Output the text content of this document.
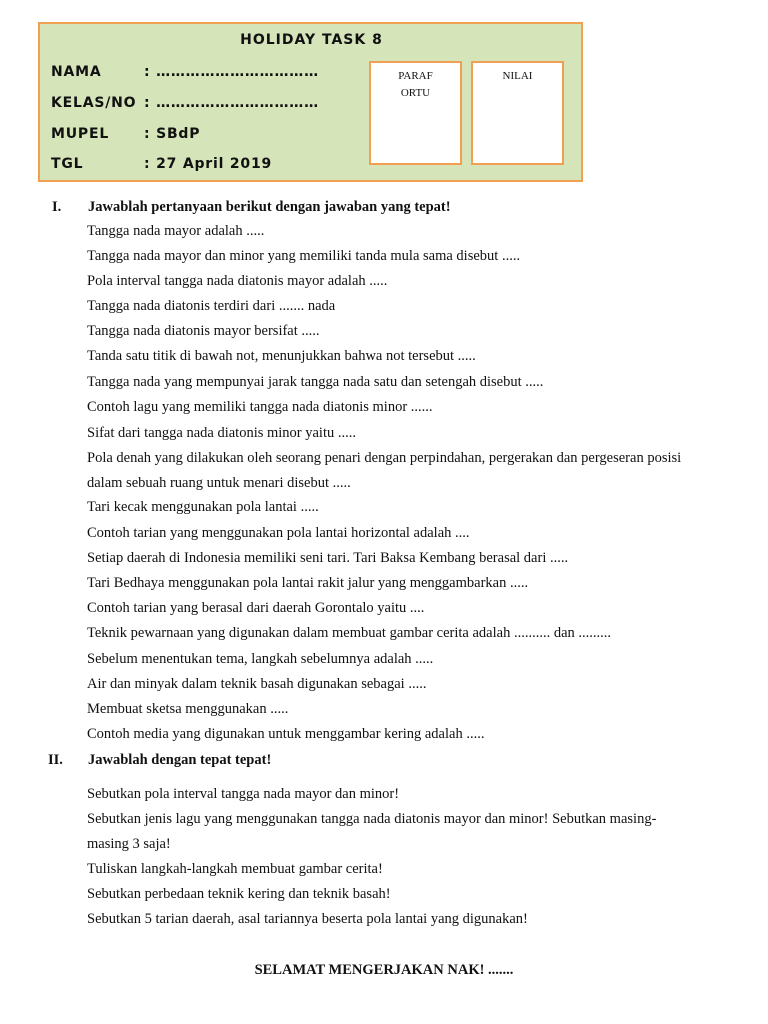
HOLIDAY TASK 8
NAMA	: ……………………………
KELAS/NO : ……………………………
MUPEL : SBdP
TGL	: 27 April 2019
PARAF
ORTU
NILAI
I. Jawablah pertanyaan berikut dengan jawaban yang tepat!
Tangga nada mayor adalah .....
Tangga nada mayor dan minor yang memiliki tanda mula sama disebut .....
Pola interval tangga nada diatonis mayor adalah .....
Tangga nada diatonis terdiri dari ....... nada
Tangga nada diatonis mayor bersifat .....
Tanda satu titik di bawah not, menunjukkan bahwa not tersebut .....
Tangga nada yang mempunyai jarak tangga nada satu dan setengah disebut .....
Contoh lagu yang memiliki tangga nada diatonis minor ......
Sifat dari tangga nada diatonis minor yaitu .....
Pola denah yang dilakukan oleh seorang penari dengan perpindahan, pergerakan dan pergeseran posisi
dalam sebuah ruang untuk menari disebut .....
Tari kecak menggunakan pola lantai .....
Contoh tarian yang menggunakan pola lantai horizontal adalah ....
Setiap daerah di Indonesia memiliki seni tari. Tari Baksa Kembang berasal dari .....
Tari Bedhaya menggunakan pola lantai rakit jalur yang menggambarkan .....
Contoh tarian yang berasal dari daerah Gorontalo yaitu ....
Teknik pewarnaan yang digunakan dalam membuat gambar cerita adalah .......... dan .........
Sebelum menentukan tema, langkah sebelumnya adalah .....
Air dan minyak dalam teknik basah digunakan sebagai .....
Membuat sketsa menggunakan .....
Contoh media yang digunakan untuk menggambar kering adalah .....
II. Jawablah dengan tepat tepat!
Sebutkan pola interval tangga nada mayor dan minor!
Sebutkan jenis lagu yang menggunakan tangga nada diatonis mayor dan minor! Sebutkan masing-
masing 3 saja!
Tuliskan langkah-langkah membuat gambar cerita!
Sebutkan perbedaan teknik kering dan teknik basah!
Sebutkan 5 tarian daerah, asal tariannya beserta pola lantai yang digunakan!
SELAMAT MENGERJAKAN NAK! .......
